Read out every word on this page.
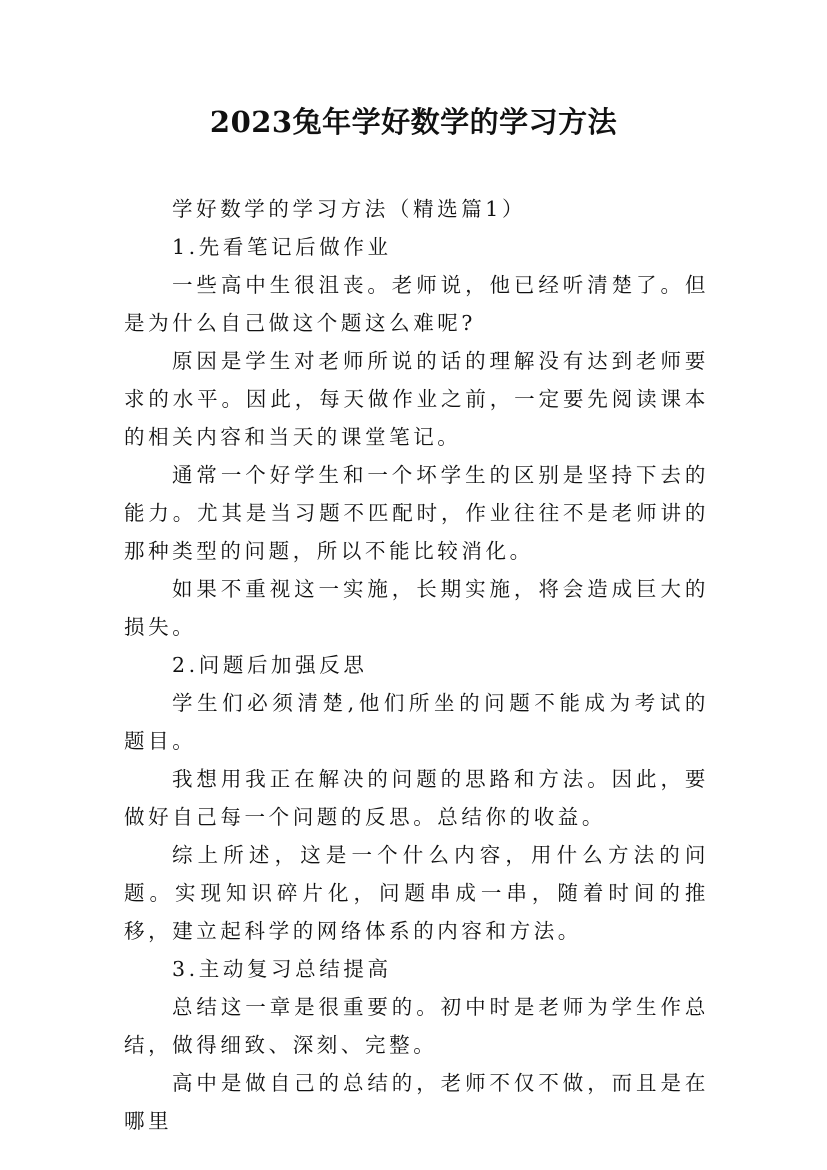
2023兔年学好数学的学习方法

学好数学的学习方法（精选篇1）

1.先看笔记后做作业

一些高中生很沮丧。老师说，他已经听清楚了。但是为什么自己做这个题这么难呢?

原因是学生对老师所说的话的理解没有达到老师要求的水平。因此，每天做作业之前，一定要先阅读课本的相关内容和当天的课堂笔记。

通常一个好学生和一个坏学生的区别是坚持下去的能力。尤其是当习题不匹配时，作业往往不是老师讲的那种类型的问题，所以不能比较消化。

如果不重视这一实施，长期实施，将会造成巨大的损失。

2.问题后加强反思

学生们必须清楚,他们所坐的问题不能成为考试的题目。

我想用我正在解决的问题的思路和方法。因此，要做好自己每一个问题的反思。总结你的收益。

综上所述，这是一个什么内容，用什么方法的问题。实现知识碎片化，问题串成一串，随着时间的推移，建立起科学的网络体系的内容和方法。

3.主动复习总结提高

总结这一章是很重要的。初中时是老师为学生作总结，做得细致、深刻、完整。

高中是做自己的总结的，老师不仅不做，而且是在哪里
